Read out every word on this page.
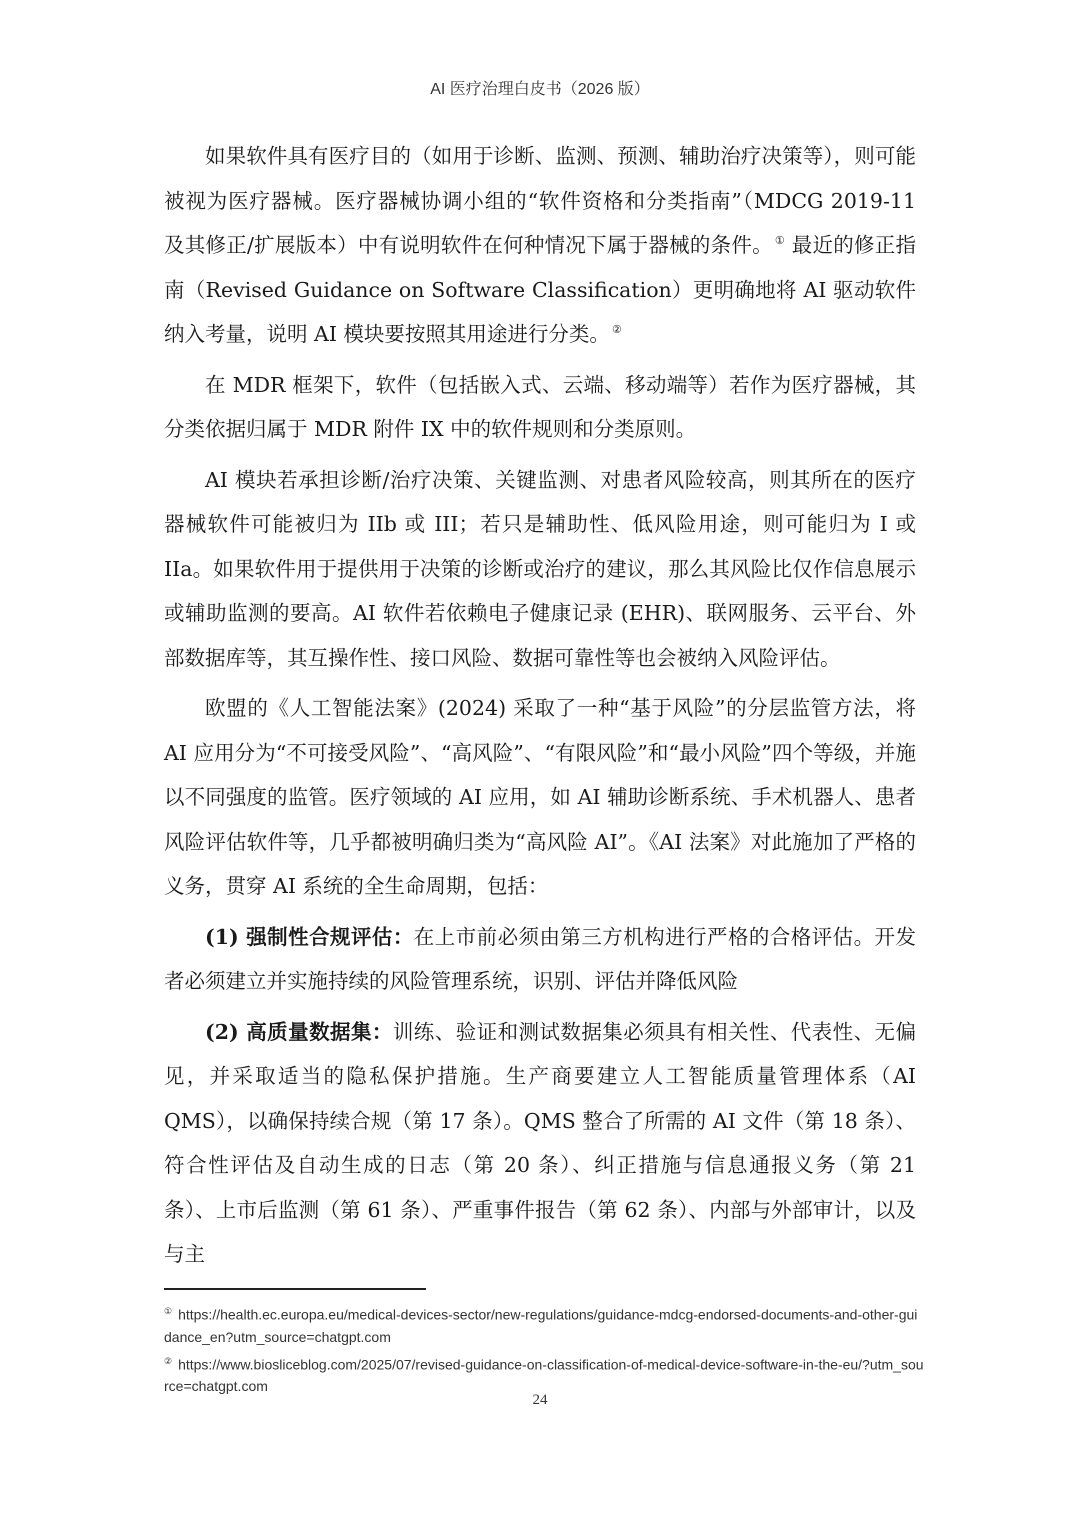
AI 医疗治理白皮书（2026 版）

如果软件具有医疗目的（如用于诊断、监测、预测、辅助治疗决策等），则可能被视为医疗器械。医疗器械协调小组的“软件资格和分类指南”（MDCG 2019-11 及其修正/扩展版本）中有说明软件在何种情况下属于器械的条件。 ① 最近的修正指南（Revised Guidance on Software Classification）更明确地将 AI 驱动软件纳入考量，说明 AI 模块要按照其用途进行分类。 ②

在 MDR 框架下，软件（包括嵌入式、云端、移动端等）若作为医疗器械，其分类依据归属于 MDR 附件 IX 中的软件规则和分类原则。

AI 模块若承担诊断/治疗决策、关键监测、对患者风险较高，则其所在的医疗器械软件可能被归为 IIb 或 III；若只是辅助性、低风险用途，则可能归为 I 或 IIa。如果软件用于提供用于决策的诊断或治疗的建议，那么其风险比仅作信息展示或辅助监测的要高。AI 软件若依赖电子健康记录 (EHR)、联网服务、云平台、外部数据库等，其互操作性、接口风险、数据可靠性等也会被纳入风险评估。

欧盟的《人工智能法案》(2024) 采取了一种“基于风险”的分层监管方法，将 AI 应用分为“不可接受风险”、“高风险”、“有限风险”和“最小风险”四个等级，并施以不同强度的监管。医疗领域的 AI 应用，如 AI 辅助诊断系统、手术机器人、患者风险评估软件等，几乎都被明确归类为“高风险 AI”。《AI 法案》对此施加了严格的义务，贯穿 AI 系统的全生命周期，包括：

(1) 强制性合规评估：在上市前必须由第三方机构进行严格的合格评估。开发者必须建立并实施持续的风险管理系统，识别、评估并降低风险

(2) 高质量数据集：训练、验证和测试数据集必须具有相关性、代表性、无偏见，并采取适当的隐私保护措施。生产商要建立人工智能质量管理体系（AI QMS），以确保持续合规（第 17 条）。QMS 整合了所需的 AI 文件（第 18 条）、符合性评估及自动生成的日志（第 20 条）、纠正措施与信息通报义务（第 21 条）、上市后监测（第 61 条）、严重事件报告（第 62 条）、内部与外部审计，以及与主

① https://health.ec.europa.eu/medical-devices-sector/new-regulations/guidance-mdcg-endorsed-documents-and-other-guidance_en?utm_source=chatgpt.com
② https://www.biosliceblog.com/2025/07/revised-guidance-on-classification-of-medical-device-software-in-the-eu/?utm_source=chatgpt.com
24
